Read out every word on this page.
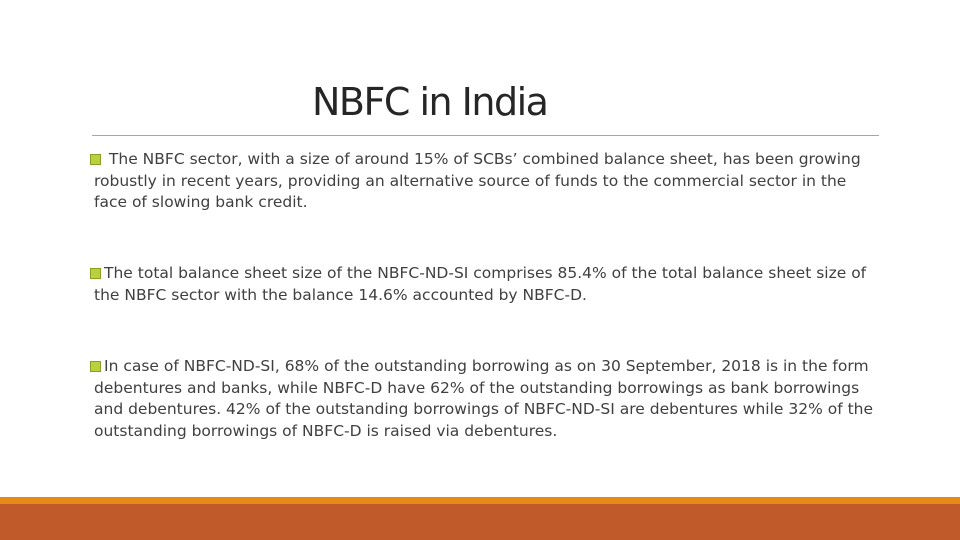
NBFC in India
The NBFC sector, with a size of around 15% of SCBs’ combined balance sheet, has been growing robustly in recent years, providing an alternative source of funds to the commercial sector in the face of slowing bank credit.
The total balance sheet size of the NBFC-ND-SI comprises 85.4% of the total balance sheet size of the NBFC sector with the balance 14.6% accounted by NBFC-D.
In case of NBFC-ND-SI, 68% of the outstanding borrowing as on 30 September, 2018 is in the form debentures and banks, while NBFC-D have 62% of the outstanding borrowings as bank borrowings and debentures. 42% of the outstanding borrowings of NBFC-ND-SI are debentures while 32% of the outstanding borrowings of NBFC-D is raised via debentures.
